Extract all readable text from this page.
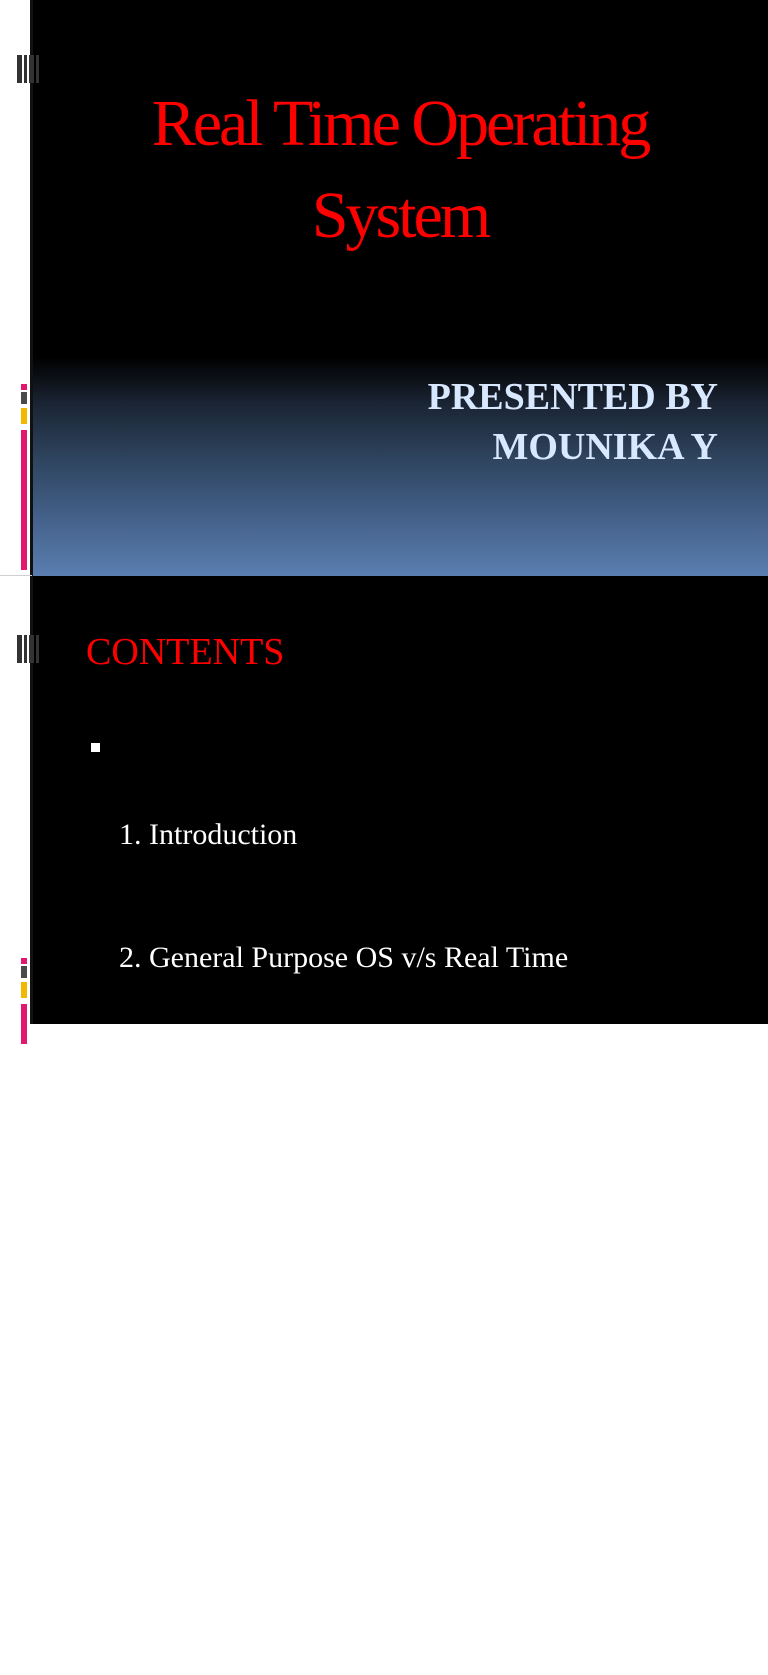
Real Time Operating
System
PRESENTED BY
MOUNIKA Y
CONTENTS

1. Introduction

2. General Purpose OS v/s Real Time

Operating System

3.Types of  Real Time Operating System

4. Function of RTOS

5. Applications of RTOS

6.Advantages of RTOS
